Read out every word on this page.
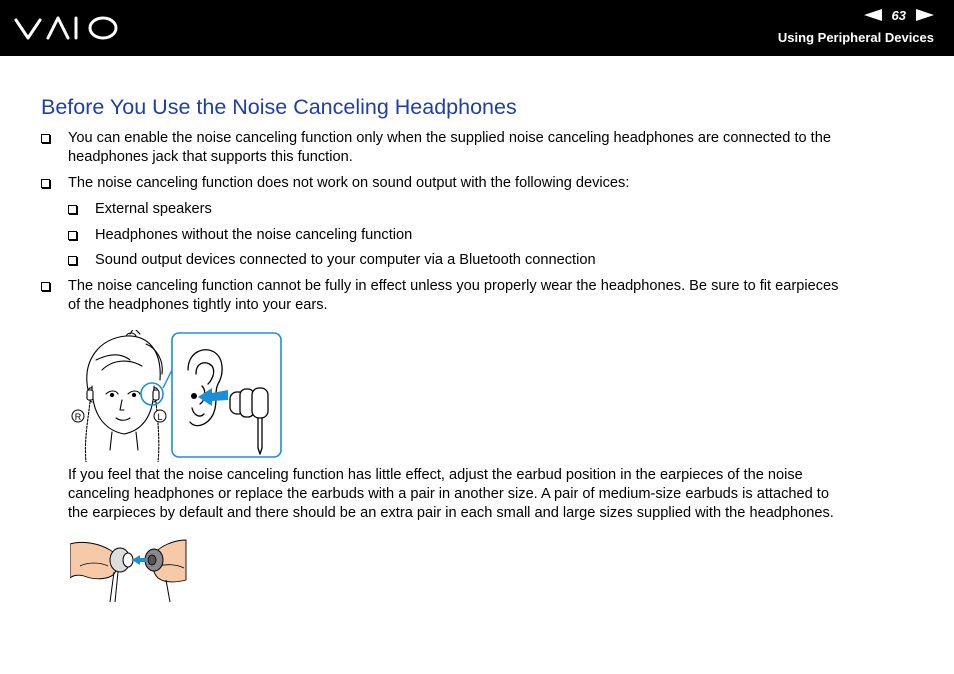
63
Using Peripheral Devices
Before You Use the Noise Canceling Headphones
You can enable the noise canceling function only when the supplied noise canceling headphones are connected to the
headphones jack that supports this function.
The noise canceling function does not work on sound output with the following devices:
External speakers
Headphones without the noise canceling function
Sound output devices connected to your computer via a Bluetooth connection
The noise canceling function cannot be fully in effect unless you properly wear the headphones. Be sure to fit earpieces
of the headphones tightly into your ears.
R	L
If you feel that the noise canceling function has little effect, adjust the earbud position in the earpieces of the noise
canceling headphones or replace the earbuds with a pair in another size. A pair of medium-size earbuds is attached to
the earpieces by default and there should be an extra pair in each small and large sizes supplied with the headphones.
